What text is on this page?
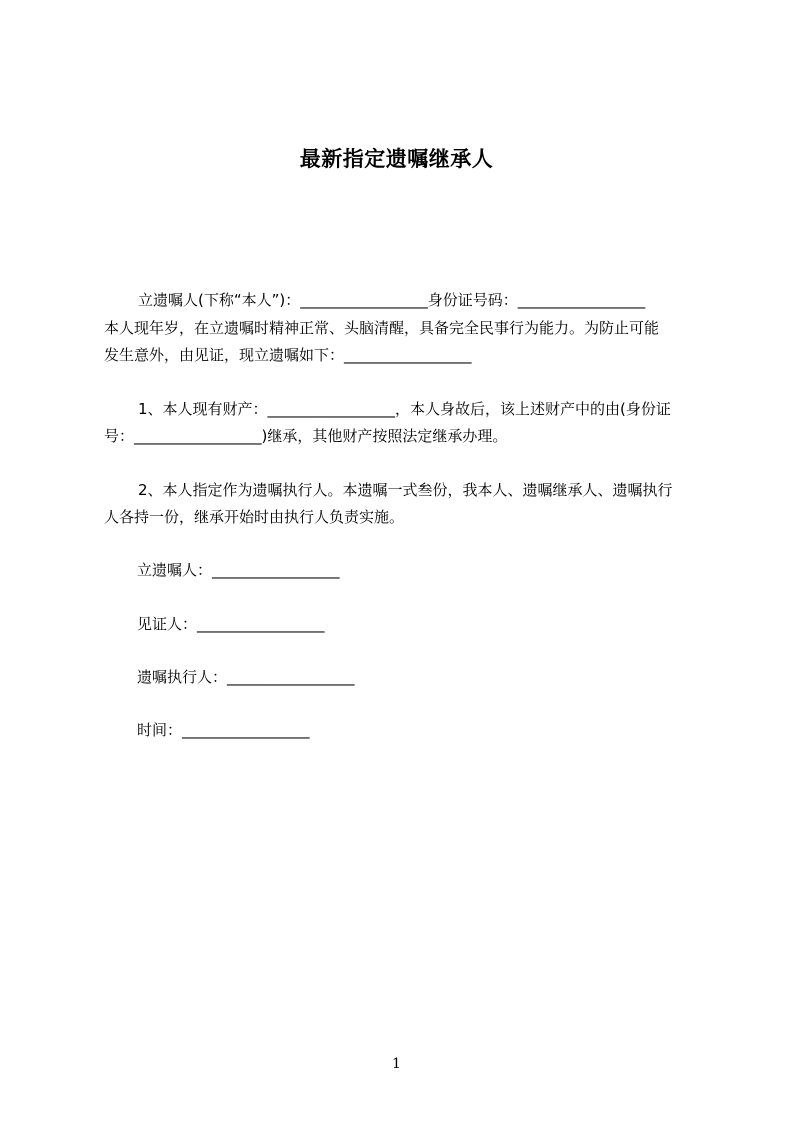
最新指定遗嘱继承人
立遗嘱人(下称“本人”)：_________________身份证号码：_________________
本人现年岁，在立遗嘱时精神正常、头脑清醒，具备完全民事行为能力。为防止可能
发生意外，由见证，现立遗嘱如下：_________________
1、本人现有财产：_________________，本人身故后，该上述财产中的由(身份证
号：_________________)继承，其他财产按照法定继承办理。
2、本人指定作为遗嘱执行人。本遗嘱一式叁份，我本人、遗嘱继承人、遗嘱执行
人各持一份，继承开始时由执行人负责实施。
立遗嘱人：_________________
见证人：_________________
遗嘱执行人：_________________
时间：_________________
1
